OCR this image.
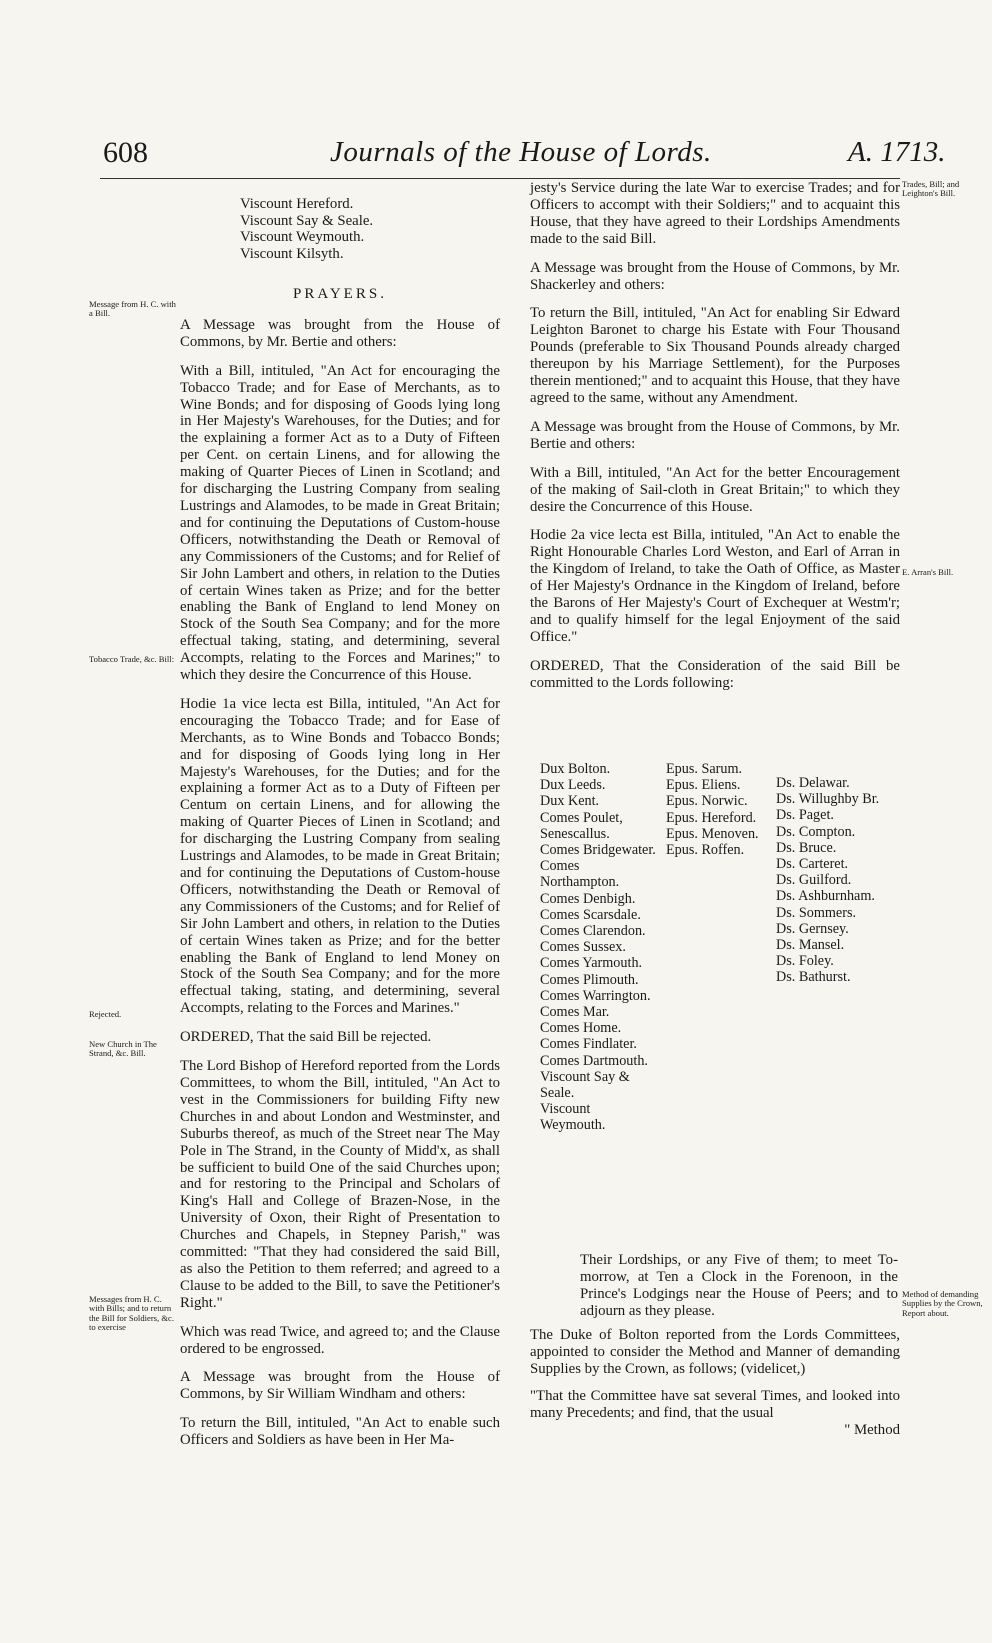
608	Journals of the House of Lords.	A. 1713.
Viscount Hereford.
Viscount Say & Seale.
Viscount Weymouth.
Viscount Kilsyth.

PRAYERS.

A Message was brought from the House of Commons, by Mr. Bertie and others:

With a Bill, intituled, "An Act for encouraging the Tobacco Trade; and for Ease of Merchants, as to Wine Bonds; and for disposing of Goods lying long in Her Majesty's Warehouses, for the Duties; and for the explaining a former Act as to a Duty of Fifteen per Cent. on certain Linens, and for allowing the making of Quarter Pieces of Linen in Scotland; and for discharging the Lustring Company from sealing Lustrings and Alamodes, to be made in Great Britain; and for continuing the Deputations of Custom-house Officers, notwithstanding the Death or Removal of any Commissioners of the Customs; and for Relief of Sir John Lambert and others, in relation to the Duties of certain Wines taken as Prize; and for the better enabling the Bank of England to lend Money on Stock of the South Sea Company; and for the more effectual taking, stating, and determining, several Accompts, relating to the Forces and Marines;" to which they desire the Concurrence of this House.

Hodie 1a vice lecta est Billa, intituled, "An Act for encouraging the Tobacco Trade; and for Ease of Merchants, as to Wine Bonds and Tobacco Bonds; and for disposing of Goods lying long in Her Majesty's Warehouses, for the Duties; and for the explaining a former Act as to a Duty of Fifteen per Centum on certain Linens, and for allowing the making of Quarter Pieces of Linen in Scotland; and for discharging the Lustring Company from sealing Lustrings and Alamodes, to be made in Great Britain; and for continuing the Deputations of Custom-house Officers, notwithstanding the Death or Removal of any Commissioners of the Customs; and for Relief of Sir John Lambert and others, in relation to the Duties of certain Wines taken as Prize; and for the better enabling the Bank of England to lend Money on Stock of the South Sea Company; and for the more effectual taking, stating, and determining, several Accompts, relating to the Forces and Marines."

ORDERED, That the said Bill be rejected.

The Lord Bishop of Hereford reported from the Lords Committees, to whom the Bill, intituled, "An Act to vest in the Commissioners for building Fifty new Churches in and about London and Westminster, and Suburbs thereof, as much of the Street near The May Pole in The Strand, in the County of Midd'x, as shall be sufficient to build One of the said Churches upon; and for restoring to the Principal and Scholars of King's Hall and College of Brazen-Nose, in the University of Oxon, their Right of Presentation to Churches and Chapels, in Stepney Parish," was committed: "That they had considered the said Bill, as also the Petition to them referred; and agreed to a Clause to be added to the Bill, to save the Petitioner's Right."

Which was read Twice, and agreed to; and the Clause ordered to be engrossed.

A Message was brought from the House of Commons, by Sir William Windham and others:

To return the Bill, intituled, "An Act to enable such Officers and Soldiers as have been in Her Ma-

jesty's Service during the late War to exercise Trades; and for Officers to accompt with their Soldiers;" and to acquaint this House, that they have agreed to their Lordships Amendments made to the said Bill.

A Message was brought from the House of Commons, by Mr. Shackerley and others:

To return the Bill, intituled, "An Act for enabling Sir Edward Leighton Baronet to charge his Estate with Four Thousand Pounds (preferable to Six Thousand Pounds already charged thereupon by his Marriage Settlement), for the Purposes therein mentioned;" and to acquaint this House, that they have agreed to the same, without any Amendment.

A Message was brought from the House of Commons, by Mr. Bertie and others:

With a Bill, intituled, "An Act for the better Encouragement of the making of Sail-cloth in Great Britain;" to which they desire the Concurrence of this House.

Hodie 2a vice lecta est Billa, intituled, "An Act to enable the Right Honourable Charles Lord Weston, and Earl of Arran in the Kingdom of Ireland, to take the Oath of Office, as Master of Her Majesty's Ordnance in the Kingdom of Ireland, before the Barons of Her Majesty's Court of Exchequer at Westm'r; and to qualify himself for the legal Enjoyment of the said Office."

ORDERED, That the Consideration of the said Bill be committed to the Lords following:

Dux Bolton.
Dux Leeds.
Dux Kent.
Comes Poulet, Senescallus.
Comes Bridgewater.
Comes Northampton.
Comes Denbigh.
Comes Scarsdale.
Comes Clarendon.
Comes Sussex.
Comes Yarmouth.
Comes Plimouth.
Comes Warrington.
Comes Mar.
Comes Home.
Comes Findlater.
Comes Dartmouth.
Viscount Say & Seale.
Viscount Weymouth.
Epus. Sarum.
Epus. Eliens.
Epus. Norwic.
Epus. Hereford.
Epus. Menoven.
Epus. Roffen.
Ds. Delawar.
Ds. Willughby Br.
Ds. Paget.
Ds. Compton.
Ds. Bruce.
Ds. Carteret.
Ds. Guilford.
Ds. Ashburnham.
Ds. Sommers.
Ds. Gernsey.
Ds. Mansel.
Ds. Foley.
Ds. Bathurst.
Their Lordships, or any Five of them; to meet To-morrow, at Ten a Clock in the Forenoon, in the Prince's Lodgings near the House of Peers; and to adjourn as they please.

The Duke of Bolton reported from the Lords Committees, appointed to consider the Method and Manner of demanding Supplies by the Crown, as follows; (videlicet,)

"That the Committee have sat several Times, and looked into many Precedents; and find, that the usual

" Method
Message from H. C. with a Bill.
Tobacco Trade, &c. Bill:
Rejected.
New Church in The Strand, &c. Bill.
Messages from H. C. with Bills; and to return the Bill for Soldiers, &c. to exercise
Trades, Bill; and Leighton's Bill.
E. Arran's Bill.
Method of demanding Supplies by the Crown, Report about.
